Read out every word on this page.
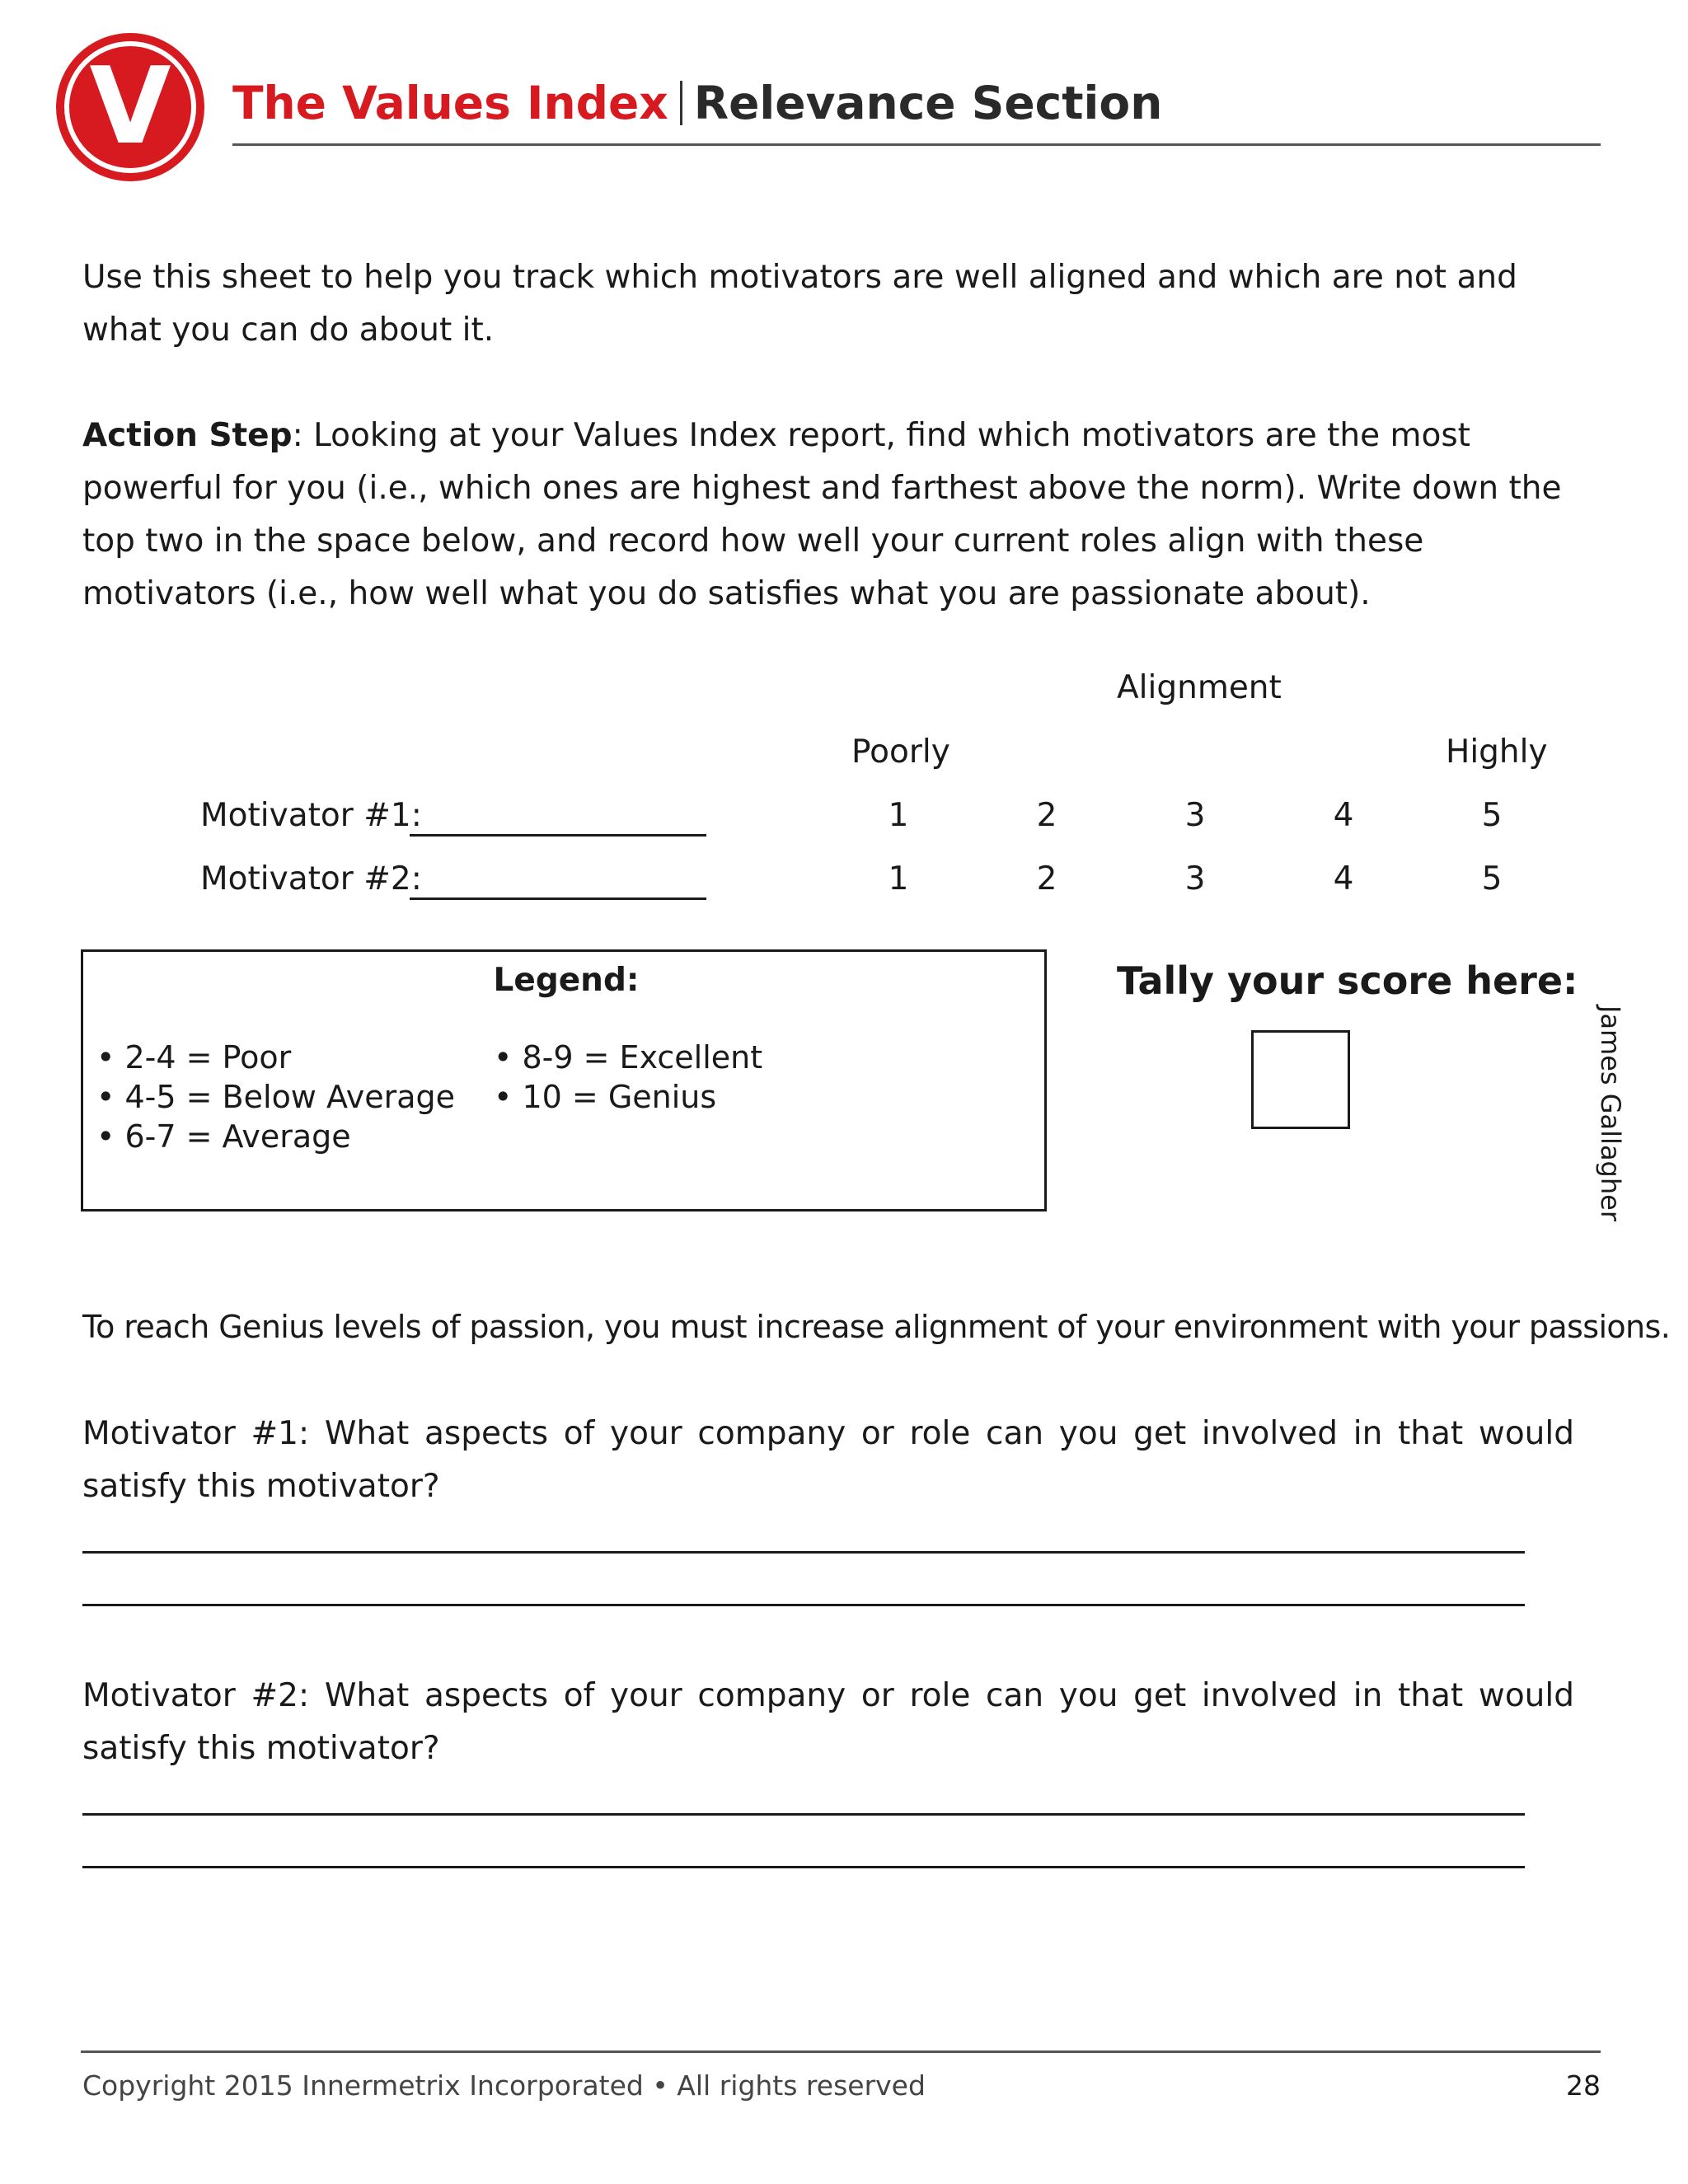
V	The Values Index Relevance Section
Use this sheet to help you track which motivators are well aligned and which are not and what you can do about it.
Action Step: Looking at your Values Index report, find which motivators are the most powerful for you (i.e., which ones are highest and farthest above the norm). Write down the top two in the space below, and record how well your current roles align with these motivators (i.e., how well what you do satisfies what you are passionate about).
Alignment
Poorly	Highly
Motivator #1:	1	2	3	4	5
Motivator #2:	1	2	3	4	5
Legend:
• 2-4 = Poor
• 4-5 = Below Average
• 6-7 = Average
• 8-9 = Excellent
• 10 = Genius
Tally your score here:
James Gallagher
To reach Genius levels of passion, you must increase alignment of your environment with your passions.
Motivator #1: What aspects of your company or role can you get involved in that would satisfy this motivator?
Motivator #2: What aspects of your company or role can you get involved in that would satisfy this motivator?
Copyright 2015 Innermetrix Incorporated • All rights reserved	28
